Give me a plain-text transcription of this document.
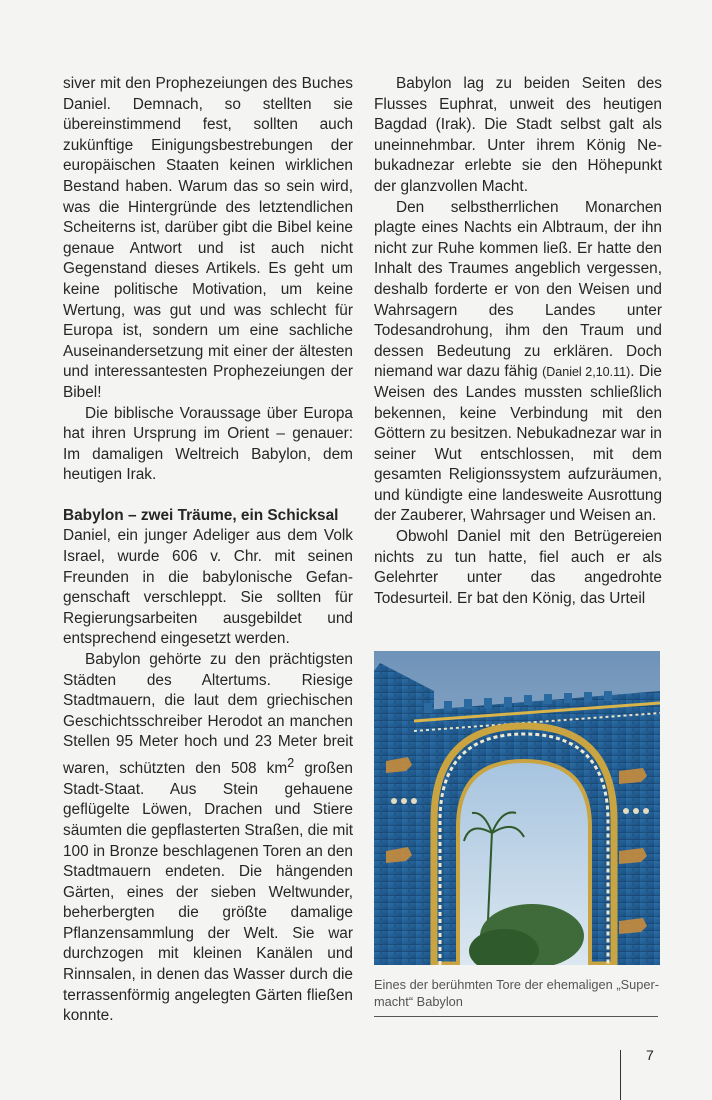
siver mit den Prophezeiungen des Buches Daniel. Demnach, so stellten sie übereinstimmend fest, sollten auch zukünftige Einigungsbestrebungen der europäischen Staaten keinen wirklichen Bestand haben. Warum das so sein wird, was die Hintergründe des letztendlichen Scheiterns ist, darüber gibt die Bibel keine genaue Antwort und ist auch nicht Gegenstand dieses Artikels. Es geht um keine politische Motivation, um keine Wertung, was gut und was schlecht für Europa ist, sondern um eine sachliche Auseinandersetzung mit einer der ältesten und interessantesten Prophezeiungen der Bibel!

Die biblische Voraussage über Europa hat ihren Ursprung im Orient – genauer: Im damaligen Weltreich Babylon, dem heutigen Irak.

Babylon – zwei Träume, ein Schicksal

Daniel, ein junger Adeliger aus dem Volk Israel, wurde 606 v. Chr. mit seinen Freunden in die babylonische Gefangenschaft verschleppt. Sie sollten für Regierungsarbeiten ausgebildet und entsprechend eingesetzt werden.

Babylon gehörte zu den prächtigsten Städten des Altertums. Riesige Stadtmauern, die laut dem griechischen Geschichtsschreiber Herodot an manchen Stellen 95 Meter hoch und 23 Meter breit waren, schützten den 508 $km^2$ großen Stadt-Staat. Aus Stein gehauene geflügelte Löwen, Drachen und Stiere säumten die gepflasterten Straßen, die mit 100 in Bronze beschlagenen Toren an den Stadtmauern endeten. Die hängenden Gärten, eines der sieben Weltwunder, beherbergten die größte damalige Pflanzensammlung der Welt. Sie war durchzogen mit kleinen Kanälen und Rinnsalen, in denen das Wasser durch die terrassenförmig angelegten Gärten fließen konnte.

Babylon lag zu beiden Seiten des Flusses Euphrat, unweit des heutigen Bagdad (Irak). Die Stadt selbst galt als uneinnehmbar. Unter ihrem König Nebukadnezar erlebte sie den Höhepunkt der glanzvollen Macht.

Den selbstherrlichen Monarchen plagte eines Nachts ein Albtraum, der ihn nicht zur Ruhe kommen ließ. Er hatte den Inhalt des Traumes angeblich vergessen, deshalb forderte er von den Weisen und Wahrsagern des Landes unter Todesandrohung, ihm den Traum und dessen Bedeutung zu erklären. Doch niemand war dazu fähig (Daniel 2,10.11). Die Weisen des Landes mussten schließlich bekennen, keine Verbindung mit den Göttern zu besitzen. Nebukadnezar war in seiner Wut entschlossen, mit dem gesamten Religionssystem aufzuräumen, und kündigte eine landesweite Ausrottung der Zauberer, Wahrsager und Weisen an.

Obwohl Daniel mit den Betrügereien nichts zu tun hatte, fiel auch er als Gelehrter unter das angedrohte Todesurteil. Er bat den König, das Urteil

Eines der berühmten Tore der ehemaligen „Supermacht“ Babylon
7
